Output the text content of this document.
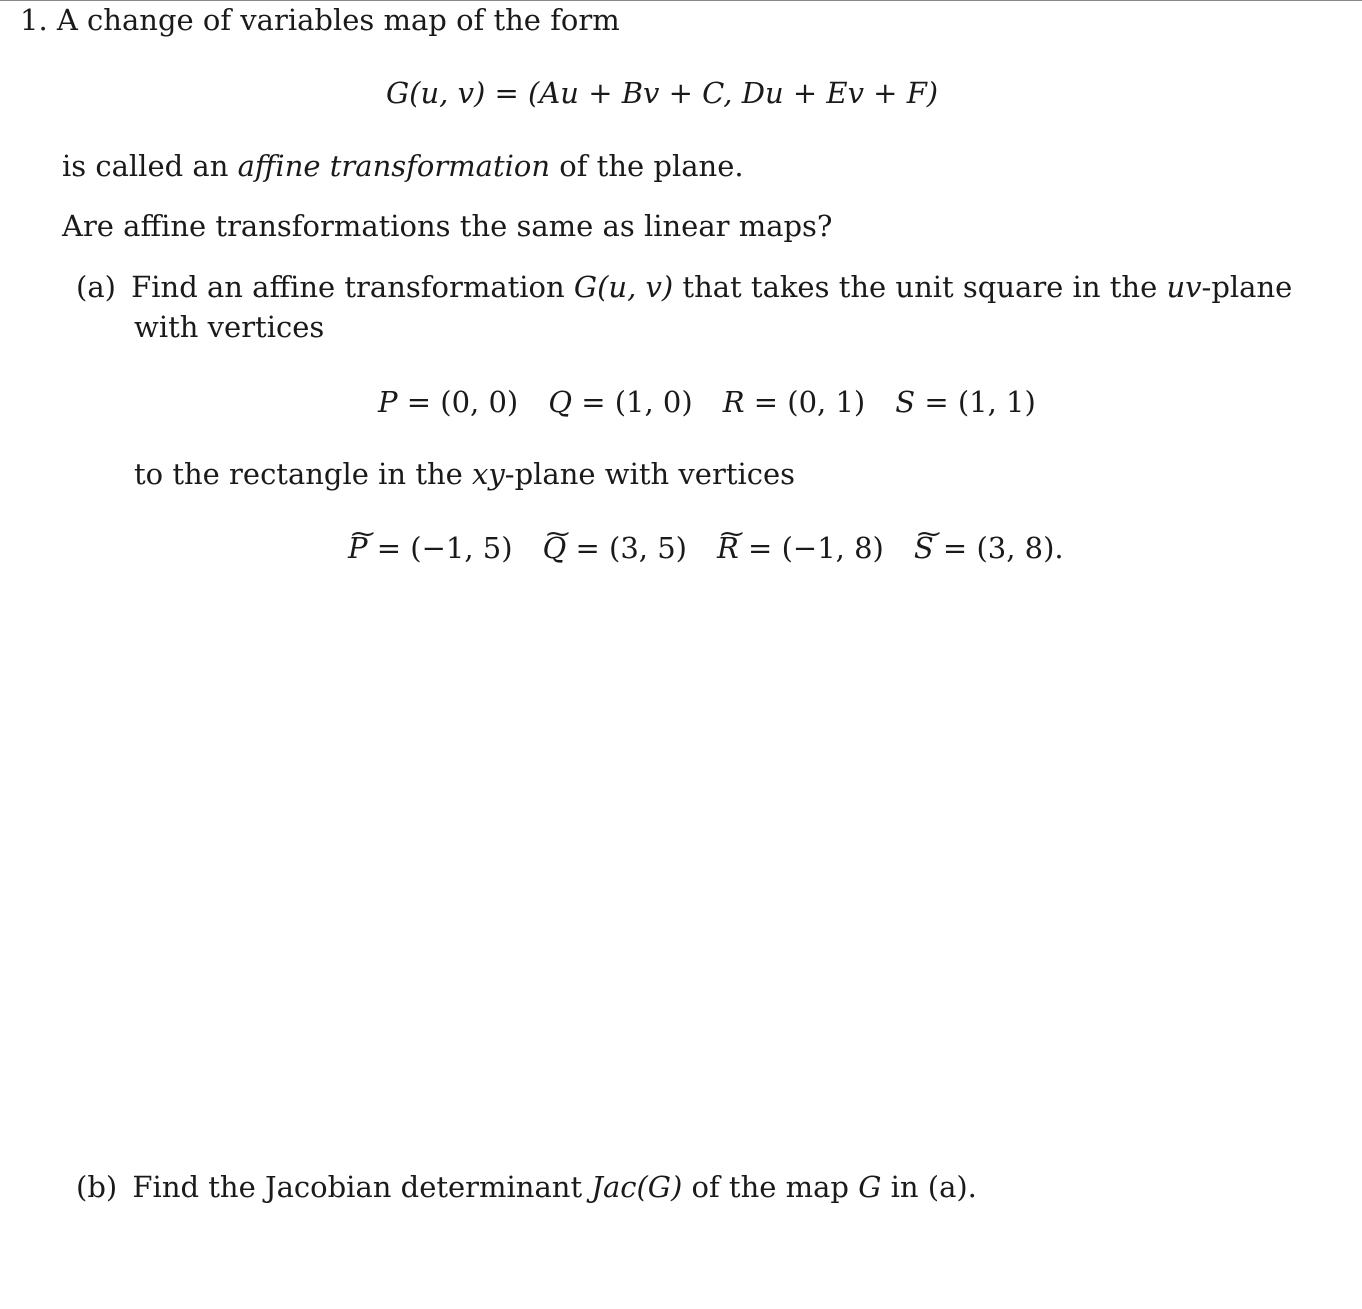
1. A change of variables map of the form
G(u, v) = (Au + Bv + C, Du + Ev + F)
is called an affine transformation of the plane.
Are affine transformations the same as linear maps?
(a) Find an affine transformation G(u, v) that takes the unit square in the uv-plane
with vertices
P = (0, 0) Q = (1, 0) R = (0, 1) S = (1, 1)
to the rectangle in the xy-plane with vertices
~ P = (−1, 5) ~ Q = (3, 5) ~ R = (−1, 8) ~ S = (3, 8).
(b) Find the Jacobian determinant Jac(G) of the map G in (a).
